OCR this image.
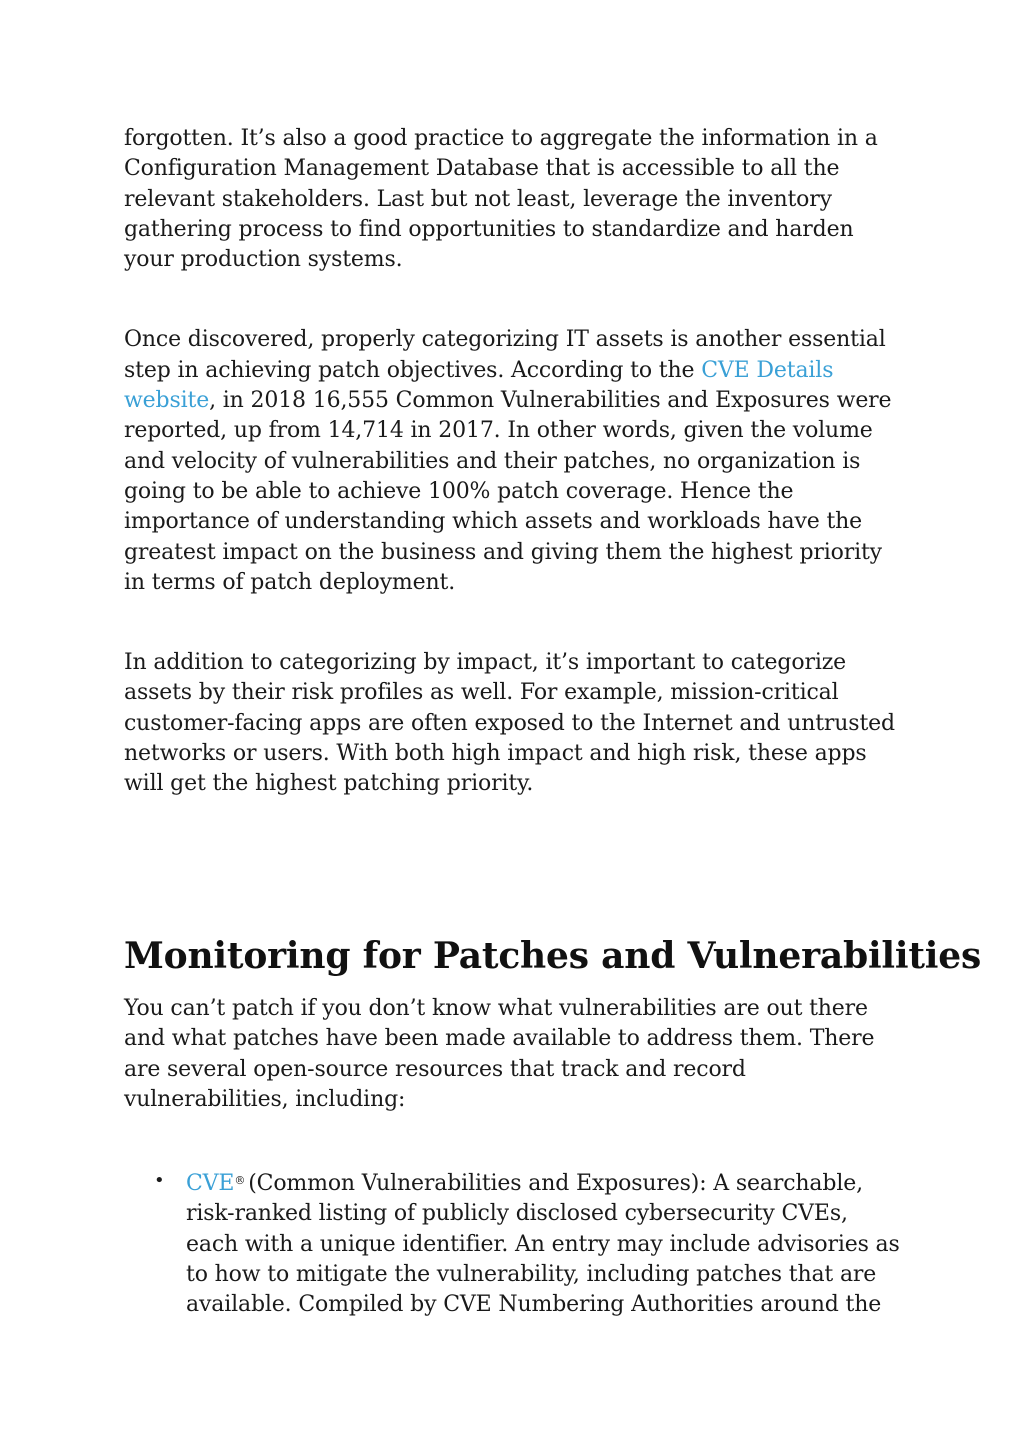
forgotten. It’s also a good practice to aggregate the information in a Configuration Management Database that is accessible to all the relevant stakeholders. Last but not least, leverage the inventory gathering process to find opportunities to standardize and harden your production systems.

Once discovered, properly categorizing IT assets is another essential step in achieving patch objectives. According to the CVE Details website, in 2018 16,555 Common Vulnerabilities and Exposures were reported, up from 14,714 in 2017. In other words, given the volume and velocity of vulnerabilities and their patches, no organization is going to be able to achieve 100% patch coverage. Hence the importance of understanding which assets and workloads have the greatest impact on the business and giving them the highest priority in terms of patch deployment.

In addition to categorizing by impact, it’s important to categorize assets by their risk profiles as well. For example, mission-critical customer-facing apps are often exposed to the Internet and untrusted networks or users. With both high impact and high risk, these apps will get the highest patching priority.

Monitoring for Patches and Vulnerabilities

You can’t patch if you don’t know what vulnerabilities are out there and what patches have been made available to address them. There are several open-source resources that track and record vulnerabilities, including:

• CVE® (Common Vulnerabilities and Exposures): A searchable, risk-ranked listing of publicly disclosed cybersecurity CVEs, each with a unique identifier. An entry may include advisories as to how to mitigate the vulnerability, including patches that are available. Compiled by CVE Numbering Authorities around the
